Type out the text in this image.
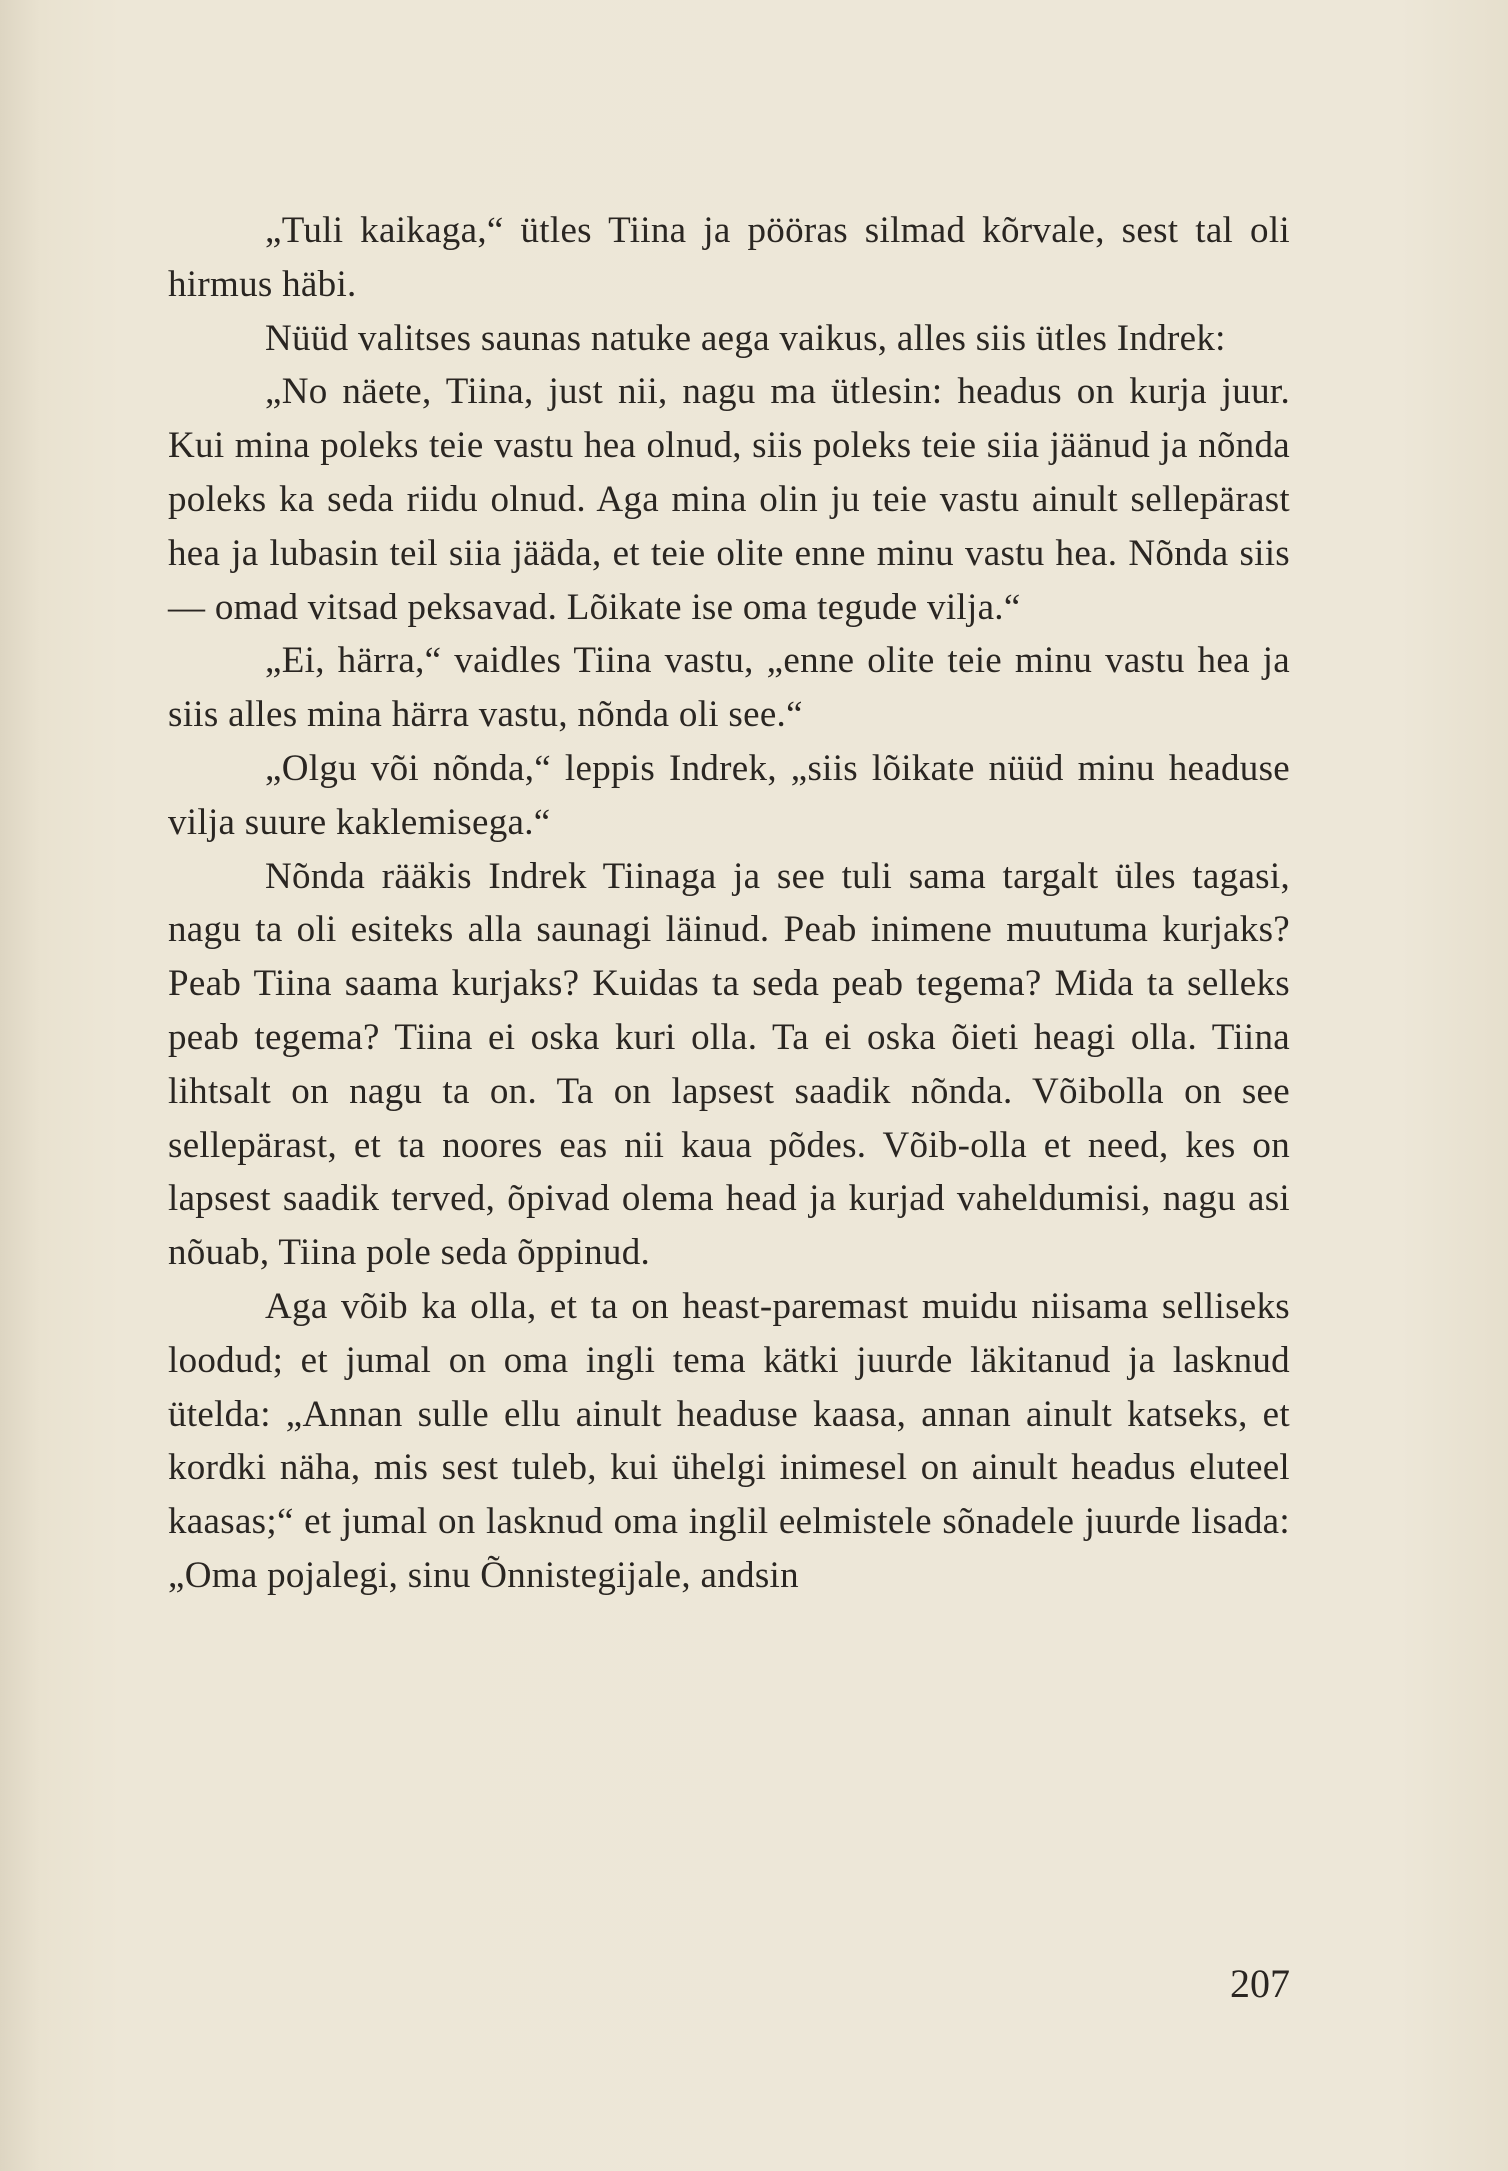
„Tuli kaikaga,“ ütles Tiina ja pööras silmad kõrvale, sest tal oli hirmus häbi.

Nüüd valitses saunas natuke aega vaikus, alles siis ütles Indrek:

„No näete, Tiina, just nii, nagu ma ütlesin: headus on kurja juur. Kui mina poleks teie vastu hea olnud, siis poleks teie siia jäänud ja nõnda poleks ka seda riidu olnud. Aga mina olin ju teie vastu ainult sellepärast hea ja lubasin teil siia jääda, et teie olite enne minu vastu hea. Nõnda siis — omad vitsad peksavad. Lõikate ise oma tegude vilja.“

„Ei, härra,“ vaidles Tiina vastu, „enne olite teie minu vastu hea ja siis alles mina härra vastu, nõnda oli see.“

„Olgu või nõnda,“ leppis Indrek, „siis lõikate nüüd minu headuse vilja suure kaklemisega.“

Nõnda rääkis Indrek Tiinaga ja see tuli sama targalt üles tagasi, nagu ta oli esiteks alla saunagi läinud. Peab inimene muutuma kurjaks? Peab Tiina saama kurjaks? Kuidas ta seda peab tegema? Mida ta selleks peab tegema? Tiina ei oska kuri olla. Ta ei oska õieti heagi olla. Tiina lihtsalt on nagu ta on. Ta on lapsest saadik nõnda. Võibolla on see sellepärast, et ta noores eas nii kaua põdes. Võib-olla et need, kes on lapsest saadik terved, õpivad olema head ja kurjad vaheldumisi, nagu asi nõuab, Tiina pole seda õppinud.

Aga võib ka olla, et ta on heast-paremast muidu niisama selliseks loodud; et jumal on oma ingli tema kätki juurde läkitanud ja lasknud ütelda: „Annan sulle ellu ainult headuse kaasa, annan ainult katseks, et kordki näha, mis sest tuleb, kui ühelgi inimesel on ainult headus eluteel kaasas;“ et jumal on lasknud oma inglil eelmistele sõnadele juurde lisada: „Oma pojalegi, sinu Õnnistegijale, andsin

207
